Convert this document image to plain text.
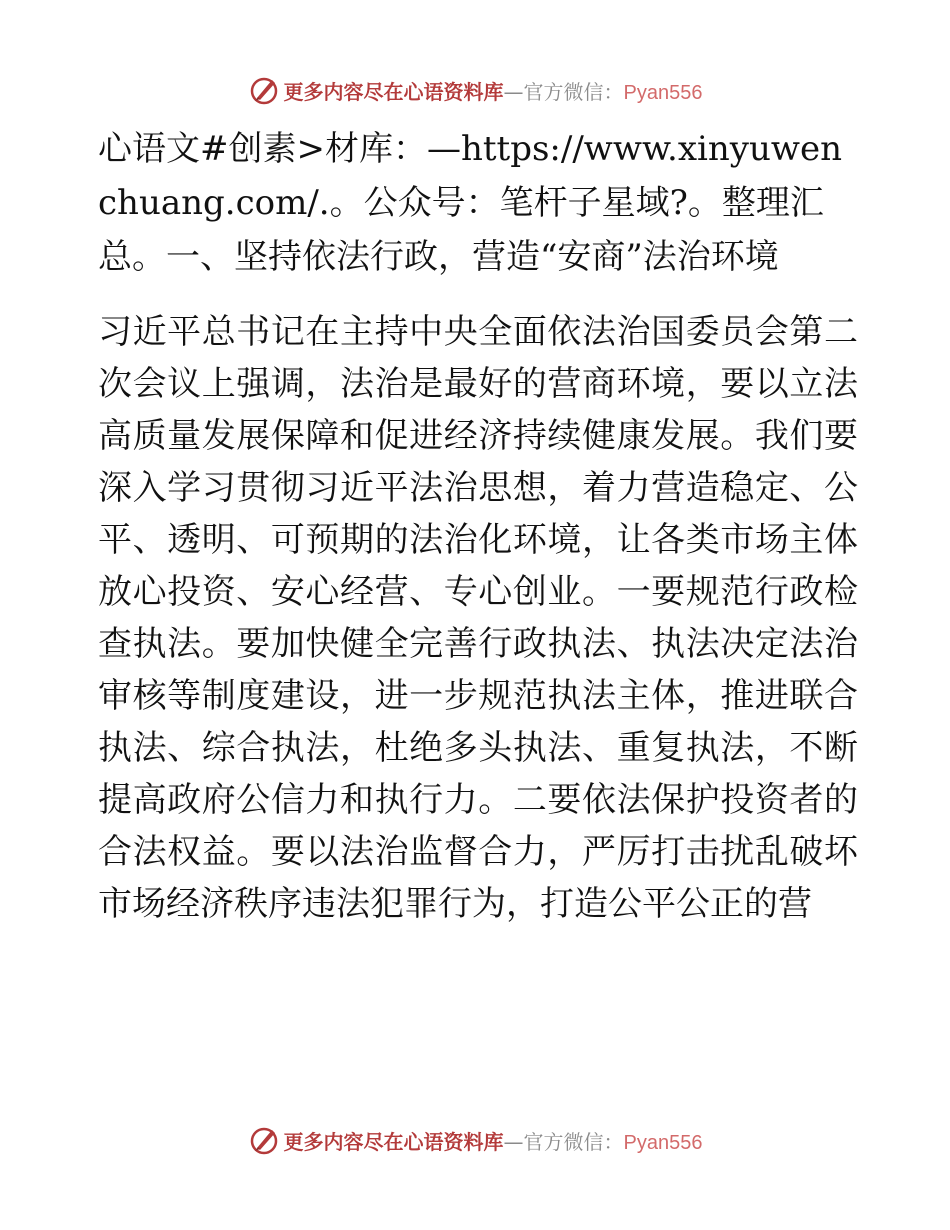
更多内容尽在心语资料库—官方微信：Pyan556

心语文#创素>材库：—https://www.xinyuwenchuang.com/.。公众号：笔杆子星域?。整理汇总。一、坚持依法行政，营造“安商”法治环境

习近平总书记在主持中央全面依法治国委员会第二次会议上强调，法治是最好的营商环境，要以立法高质量发展保障和促进经济持续健康发展。我们要深入学习贯彻习近平法治思想，着力营造稳定、公平、透明、可预期的法治化环境，让各类市场主体放心投资、安心经营、专心创业。一要规范行政检查执法。要加快健全完善行政执法、执法决定法治审核等制度建设，进一步规范执法主体，推进联合执法、综合执法，杜绝多头执法、重复执法，不断提高政府公信力和执行力。二要依法保护投资者的合法权益。要以法治监督合力，严厉打击扰乱破坏市场经济秩序违法犯罪行为，打造公平公正的营

更多内容尽在心语资料库—官方微信：Pyan556
